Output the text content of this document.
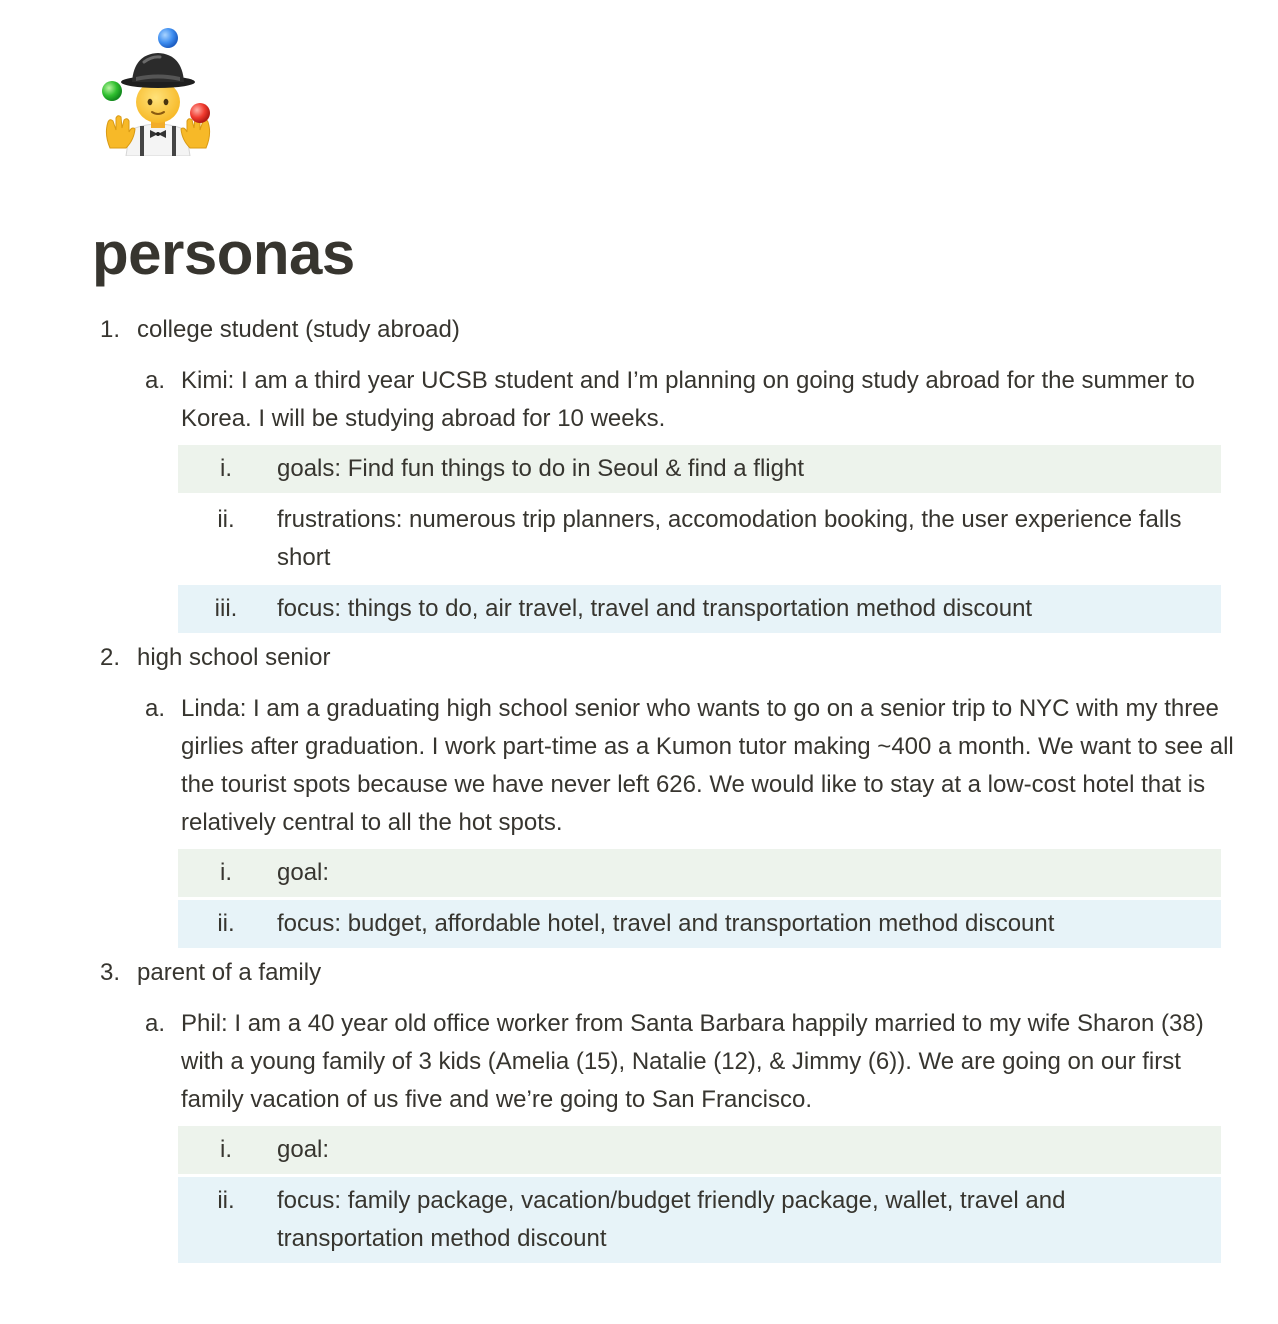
personas
1. college student (study abroad)
a. Kimi: I am a third year UCSB student and I’m planning on going study abroad for the summer to Korea. I will be studying abroad for 10 weeks.
i.	goals: Find fun things to do in Seoul & find a flight
ii.	frustrations: numerous trip planners, accomodation booking, the user experience falls short
iii.	focus: things to do, air travel, travel and transportation method discount
2. high school senior
a. Linda: I am a graduating high school senior who wants to go on a senior trip to NYC with my three girlies after graduation. I work part-time as a Kumon tutor making ~400 a month. We want to see all the tourist spots because we have never left 626. We would like to stay at a low-cost hotel that is relatively central to all the hot spots.
i.	goal:
ii.	focus: budget, affordable hotel, travel and transportation method discount
3. parent of a family
a. Phil: I am a 40 year old office worker from Santa Barbara happily married to my wife Sharon (38) with a young family of 3 kids (Amelia (15), Natalie (12), & Jimmy (6)). We are going on our first family vacation of us five and we’re going to San Francisco.
i.	goal:
ii.	focus: family package, vacation/budget friendly package, wallet, travel and transportation method discount
